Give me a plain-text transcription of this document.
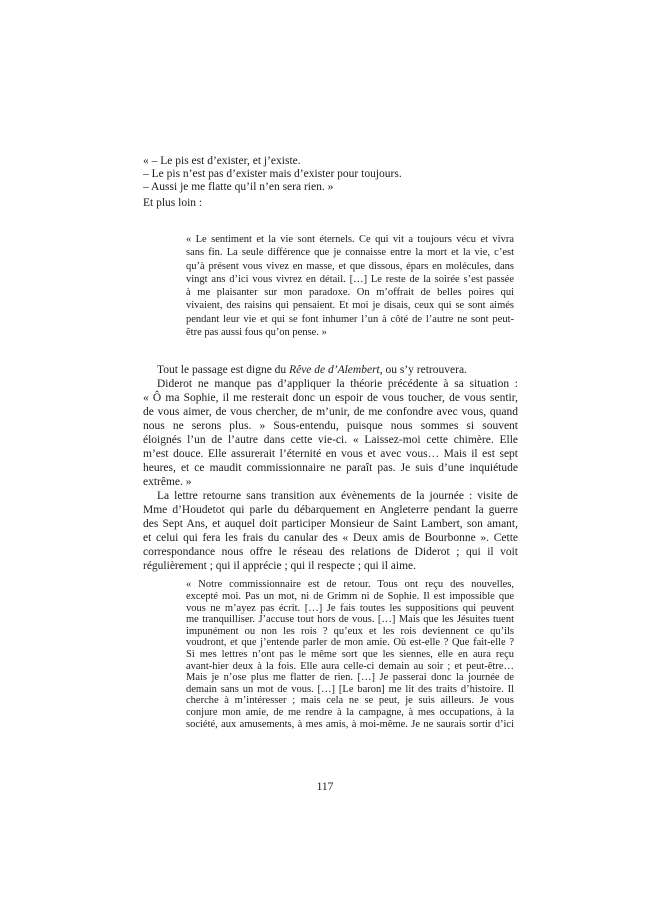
« – Le pis est d’exister, et j’existe.
– Le pis n’est pas d’exister mais d’exister pour toujours.
– Aussi je me flatte qu’il n’en sera rien. »
Et plus loin :
« Le sentiment et la vie sont éternels. Ce qui vit a toujours vécu et vivra
sans fin. La seule différence que je connaisse entre la mort et la vie, c’est
qu’à présent vous vivez en masse, et que dissous, épars en molécules, dans
vingt ans d’ici vous vivrez en détail. […] Le reste de la soirée s’est passée
à me plaisanter sur mon paradoxe. On m’offrait de belles poires qui
vivaient, des raisins qui pensaient. Et moi je disais, ceux qui se sont aimés
pendant leur vie et qui se font inhumer l’un à côté de l’autre ne sont peut-
être pas aussi fous qu’on pense. »
Tout le passage est digne du Rêve de d’Alembert, ou s’y retrouvera.
Diderot ne manque pas d’appliquer la théorie précédente à sa situation :
« Ô ma Sophie, il me resterait donc un espoir de vous toucher, de vous sentir,
de vous aimer, de vous chercher, de m’unir, de me confondre avec vous, quand
nous ne serons plus. » Sous-entendu, puisque nous sommes si souvent
éloignés l’un de l’autre dans cette vie-ci. « Laissez-moi cette chimère. Elle
m’est douce. Elle assurerait l’éternité en vous et avec vous… Mais il est sept
heures, et ce maudit commissionnaire ne paraît pas. Je suis d’une inquiétude
extrême. »
La lettre retourne sans transition aux évènements de la journée : visite de
Mme d’Houdetot qui parle du débarquement en Angleterre pendant la guerre
des Sept Ans, et auquel doit participer Monsieur de Saint Lambert, son amant,
et celui qui fera les frais du canular des « Deux amis de Bourbonne ». Cette
correspondance nous offre le réseau des relations de Diderot ; qui il voit
régulièrement ; qui il apprécie ; qui il respecte ; qui il aime.
« Notre commissionnaire est de retour. Tous ont reçu des nouvelles,
excepté moi. Pas un mot, ni de Grimm ni de Sophie. Il est impossible que
vous ne m’ayez pas écrit. […] Je fais toutes les suppositions qui peuvent
me tranquilliser. J’accuse tout hors de vous. […] Mais que les Jésuites tuent
impunément ou non les rois ? qu’eux et les rois deviennent ce qu’ils
voudront, et que j’entende parler de mon amie. Où est-elle ? Que fait-elle ?
Si mes lettres n’ont pas le même sort que les siennes, elle en aura reçu
avant-hier deux à la fois. Elle aura celle-ci demain au soir ; et peut-être…
Mais je n’ose plus me flatter de rien. […] Je passerai donc la journée de
demain sans un mot de vous. […] [Le baron] me lit des traits d’histoire. Il
cherche à m’intéresser ; mais cela ne se peut, je suis ailleurs. Je vous
conjure mon amie, de me rendre à la campagne, à mes occupations, à la
société, aux amusements, à mes amis, à moi-même. Je ne saurais sortir d’ici
117
